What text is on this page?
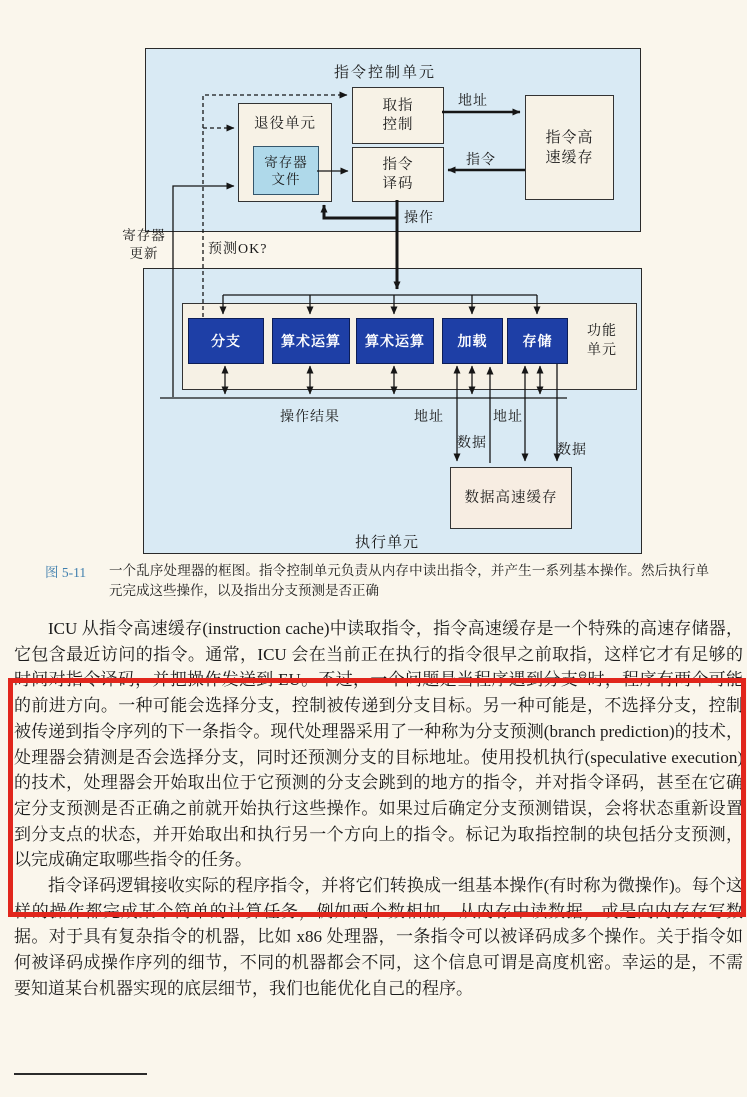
指令控制单元
退役单元
寄存器
文件
取指
控制
指令
译码
指令高
速缓存
分支	算术运算	算术运算	加载	存储
数据高速缓存
地址
指令
操作
寄存器
更新	预测OK?
功能
单元
操作结果	地址	地址
数据	数据
执行单元
图 5-11	一个乱序处理器的框图。指令控制单元负责从内存中读出指令，并产生一系列基本操作。然后执行单元完成这些操作，以及指出分支预测是否正确

ICU 从指令高速缓存(instruction cache)中读取指令，指令高速缓存是一个特殊的高速存储器，它包含最近访问的指令。通常，ICU 会在当前正在执行的指令很早之前取指，这样它才有足够的时间对指令译码，并把操作发送到 EU。不过，一个问题是当程序遇到分支⊖时，程序有两个可能的前进方向。一种可能会选择分支，控制被传递到分支目标。另一种可能是，不选择分支，控制被传递到指令序列的下一条指令。现代处理器采用了一种称为分支预测(branch prediction)的技术，处理器会猜测是否会选择分支，同时还预测分支的目标地址。使用投机执行(speculative execution)的技术，处理器会开始取出位于它预测的分支会跳到的地方的指令，并对指令译码，甚至在它确定分支预测是否正确之前就开始执行这些操作。如果过后确定分支预测错误，会将状态重新设置到分支点的状态，并开始取出和执行另一个方向上的指令。标记为取指控制的块包括分支预测，以完成确定取哪些指令的任务。

指令译码逻辑接收实际的程序指令，并将它们转换成一组基本操作(有时称为微操作)。每个这样的操作都完成某个简单的计算任务，例如两个数相加，从内存中读数据，或是向内存存写数据。对于具有复杂指令的机器，比如 x86 处理器，一条指令可以被译码成多个操作。关于指令如何被译码成操作序列的细节，不同的机器都会不同，这个信息可谓是高度机密。幸运的是，不需要知道某台机器实现的底层细节，我们也能优化自己的程序。
